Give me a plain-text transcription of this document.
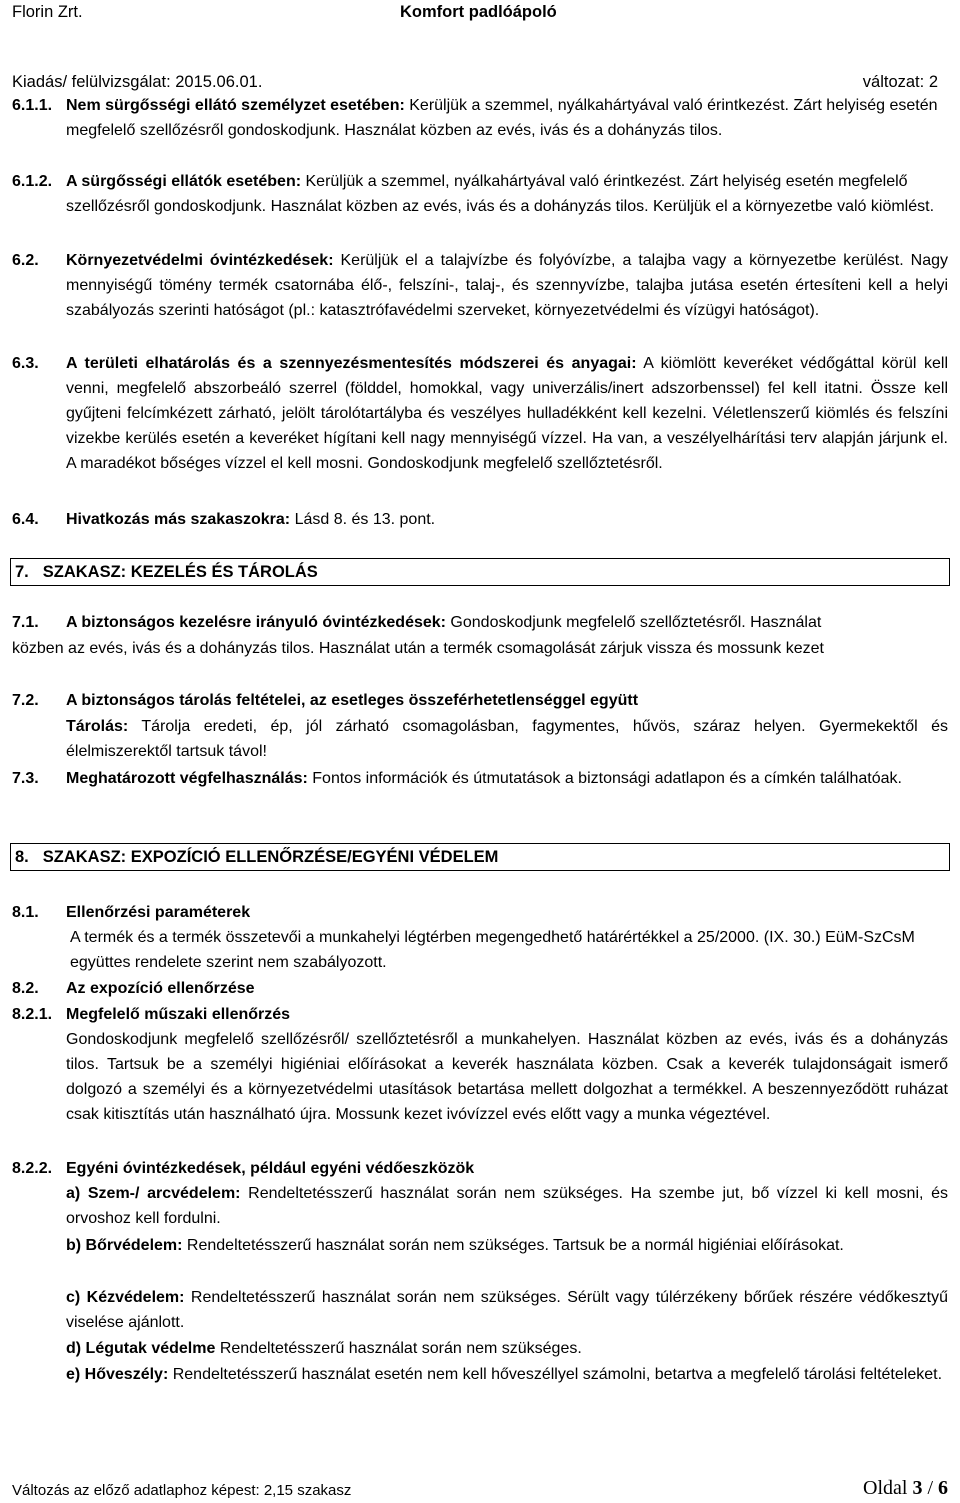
Florin Zrt.	Komfort padlóápoló
Kiadás/ felülvizsgálat: 2015.06.01.	változat: 2
6.1.1. Nem sürgősségi ellátó személyzet esetében: Kerüljük a szemmel, nyálkahártyával való érintkezést. Zárt helyiség esetén megfelelő szellőzésről gondoskodjunk. Használat közben az evés, ivás és a dohányzás tilos.

6.1.2. A sürgősségi ellátók esetében: Kerüljük a szemmel, nyálkahártyával való érintkezést. Zárt helyiség esetén megfelelő szellőzésről gondoskodjunk. Használat közben az evés, ivás és a dohányzás tilos. Kerüljük el a környezetbe való kiömlést.

6.2. Környezetvédelmi óvintézkedések: Kerüljük el a talajvízbe és folyóvízbe, a talajba vagy a környezetbe kerülést. Nagy mennyiségű tömény termék csatornába élő-, felszíni-, talaj-, és szennyvízbe, talajba jutása esetén értesíteni kell a helyi szabályozás szerinti hatóságot (pl.: katasztrófavédelmi szerveket, környezetvédelmi és vízügyi hatóságot).

6.3. A területi elhatárolás és a szennyezésmentesítés módszerei és anyagai: A kiömlött keveréket védőgáttal körül kell venni, megfelelő abszorbeáló szerrel (földdel, homokkal, vagy univerzális/inert adszorbenssel) fel kell itatni. Össze kell gyűjteni felcímkézett zárható, jelölt tárolótartályba és veszélyes hulladékként kell kezelni. Véletlenszerű kiömlés és felszíni vizekbe kerülés esetén a keveréket hígítani kell nagy mennyiségű vízzel. Ha van, a veszélyelhárítási terv alapján járjunk el. A maradékot bőséges vízzel el kell mosni. Gondoskodjunk megfelelő szellőztetésről.

6.4. Hivatkozás más szakaszokra: Lásd 8. és 13. pont.

7. SZAKASZ: KEZELÉS ÉS TÁROLÁS
7.1. A biztonságos kezelésre irányuló óvintézkedések: Gondoskodjunk megfelelő szellőztetésről. Használat

közben az evés, ivás és a dohányzás tilos. Használat után a termék csomagolását zárjuk vissza és mossunk kezet

7.2. A biztonságos tárolás feltételei, az esetleges összeférhetetlenséggel együtt

Tárolás: Tárolja eredeti, ép, jól zárható csomagolásban, fagymentes, hűvös, száraz helyen. Gyermekektől és élelmiszerektől tartsuk távol!

7.3. Meghatározott végfelhasználás: Fontos információk és útmutatások a biztonsági adatlapon és a címkén találhatóak.

8. SZAKASZ: EXPOZÍCIÓ ELLENŐRZÉSE/EGYÉNI VÉDELEM
8.1. Ellenőrzési paraméterek

A termék és a termék összetevői a munkahelyi légtérben megengedhető határértékkel a 25/2000. (IX. 30.) EüM-SzCsM együttes rendelete szerint nem szabályozott.

8.2. Az expozíció ellenőrzése

8.2.1. Megfelelő műszaki ellenőrzés

Gondoskodjunk megfelelő szellőzésről/ szellőztetésről a munkahelyen. Használat közben az evés, ivás és a dohányzás tilos. Tartsuk be a személyi higiéniai előírásokat a keverék használata közben. Csak a keverék tulajdonságait ismerő dolgozó a személyi és a környezetvédelmi utasítások betartása mellett dolgozhat a termékkel. A beszennyeződött ruházat csak kitisztítás után használható újra. Mossunk kezet ivóvízzel evés előtt vagy a munka végeztével.

8.2.2. Egyéni óvintézkedések, például egyéni védőeszközök

a) Szem-/ arcvédelem: Rendeltetésszerű használat során nem szükséges. Ha szembe jut, bő vízzel ki kell mosni, és orvoshoz kell fordulni.

b) Bőrvédelem: Rendeltetésszerű használat során nem szükséges. Tartsuk be a normál higiéniai előírásokat.

c) Kézvédelem: Rendeltetésszerű használat során nem szükséges. Sérült vagy túlérzékeny bőrűek részére védőkesztyű viselése ajánlott.

d) Légutak védelme Rendeltetésszerű használat során nem szükséges.

e) Hőveszély: Rendeltetésszerű használat esetén nem kell hőveszéllyel számolni, betartva a megfelelő tárolási feltételeket.

Változás az előző adatlaphoz képest: 2,15 szakasz	Oldal 3 / 6
